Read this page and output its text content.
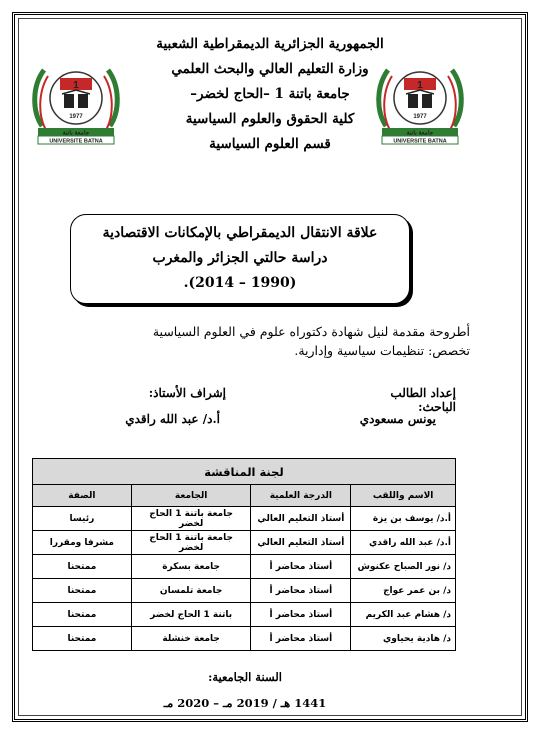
1
1977
جامعة باتنة
UNIVERSITE BATNA
1
1977
جامعة باتنة
UNIVERSITE BATNA
الجمهورية الجزائرية الديمقراطية الشعبية
وزارة التعليم العالي والبحث العلمي
جامعة باتنة 1 –الحاج لخضر–
كلية الحقوق والعلوم السياسية
قسم العلوم السياسية
علاقة الانتقال الديمقراطي بالإمكانات الاقتصادية
دراسة حالتي الجزائر والمغرب
(1990 – 2014).
أطروحة مقدمة لنيل شهادة دكتوراه علوم في العلوم السياسية
تخصص: تنظيمات سياسية وإدارية.
إعداد الطالب الباحث:
إشراف الأستاذ:
يونس مسعودي
أ.د/ عبد الله راقدي
لجنة المناقشة			
الاسم واللقب	الدرجة العلمية	الجامعة	الصفة
أ.د/ يوسف بن يزة	أستاذ التعليم العالي	جامعة باتنة 1 الحاج لخضر	رئيسا
أ.د/ عبد الله راقدي	أستاذ التعليم العالي	جامعة باتنة 1 الحاج لخضر	مشرفا ومقررا
د/ نور الصباح عكنوش	أستاذ محاضر أ	جامعة بسكرة	ممتحنا
د/ بن عمر عواج	أستاذ محاضر أ	جامعة تلمسان	ممتحنا
د/ هشام عبد الكريم	أستاذ محاضر أ	باتنة 1 الحاج لخضر	ممتحنا
د/ هادية يحياوي	أستاذ محاضر أ	جامعة خنشلة	ممتحنا
السنة الجامعية:
1441 هـ / 2019 مـ – 2020 مـ
